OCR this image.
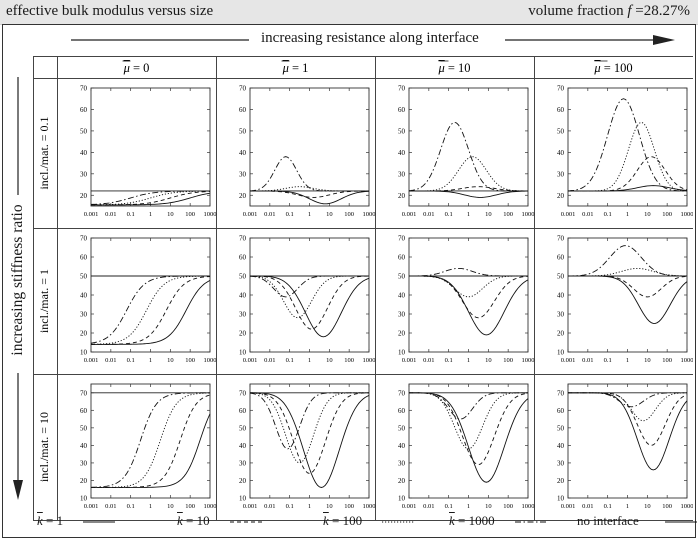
effective bulk modulus versus size	volume fraction f =28.27%
increasing resistance along interface
increasing stiffness ratio
μ = 0	μ = 1	μ = 10	μ = 100
incl./mat. = 0.1
incl./mat. = 1
incl./mat. = 10
20
30
40
50
60
70
0.001 0.01 0.1 1 10 100 1000
20
30
40
50
60
70
0.001 0.01 0.1 1 10 100 1000
20
30
40
50
60
70
0.001 0.01 0.1 1 10 100 1000
20
30
40
50
60
70
0.001 0.01 0.1 1 10 100 1000
10
20
30
40
50
60
70
0.001 0.01 0.1 1 10 100 1000
10
20
30
40
50
60
70
0.001 0.01 0.1 1 10 100 1000
10
20
30
40
50
60
70
0.001 0.01 0.1 1 10 100 1000
10
20
30
40
50
60
70
0.001 0.01 0.1 1 10 100 1000
10
20
30
40
50
60
70
0.001 0.01 0.1 1 10 100 1000
10
20
30
40
50
60
70
0.001 0.01 0.1 1 10 100 1000
10
20
30
40
50
60
70
0.001 0.01 0.1 1 10 100 1000
10
20
30
40
50
60
70
0.001 0.01 0.1 1 10 100 1000
$\overline{k} = 1$	$\overline{k} = 10$	$\overline{k} = 100$	$\overline{k} = 1000$	no interface
